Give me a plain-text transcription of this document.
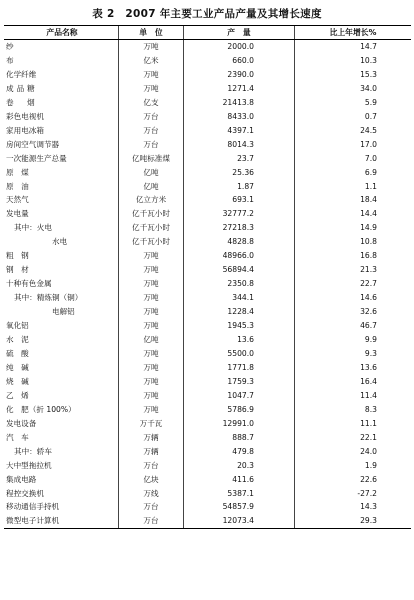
表 2　2007 年主要工业产品产量及其增长速度
产品名称	单　位	产　量	比上年增长%
纱	万吨	2000.0	14.7
布	亿米	660.0	10.3
化学纤维	万吨	2390.0	15.3
成品糖	万吨	1271.4	34.0
卷　烟	亿支	21413.8	5.9
彩色电视机	万台	8433.0	0.7
家用电冰箱	万台	4397.1	24.5
房间空气调节器	万台	8014.3	17.0
一次能源生产总量	亿吨标准煤	23.7	7.0
原　煤	亿吨	25.36	6.9
原　油	亿吨	1.87	1.1
天然气	亿立方米	693.1	18.4
发电量	亿千瓦小时	32777.2	14.4
其中：火电	亿千瓦小时	27218.3	14.9
水电	亿千瓦小时	4828.8	10.8
粗　钢	万吨	48966.0	16.8
钢　材	万吨	56894.4	21.3
十种有色金属	万吨	2350.8	22.7
其中：精炼铜（铜）	万吨	344.1	14.6
电解铝	万吨	1228.4	32.6
氧化铝	万吨	1945.3	46.7
水　泥	亿吨	13.6	9.9
硫　酸	万吨	5500.0	9.3
纯　碱	万吨	1771.8	13.6
烧　碱	万吨	1759.3	16.4
乙　烯	万吨	1047.7	11.4
化　肥（折 100%）	万吨	5786.9	8.3
发电设备	万千瓦	12991.0	11.1
汽　车	万辆	888.7	22.1
其中：轿车	万辆	479.8	24.0
大中型拖拉机	万台	20.3	1.9
集成电路	亿块	411.6	22.6
程控交换机	万线	5387.1	-27.2
移动通信手持机	万台	54857.9	14.3
微型电子计算机	万台	12073.4	29.3
